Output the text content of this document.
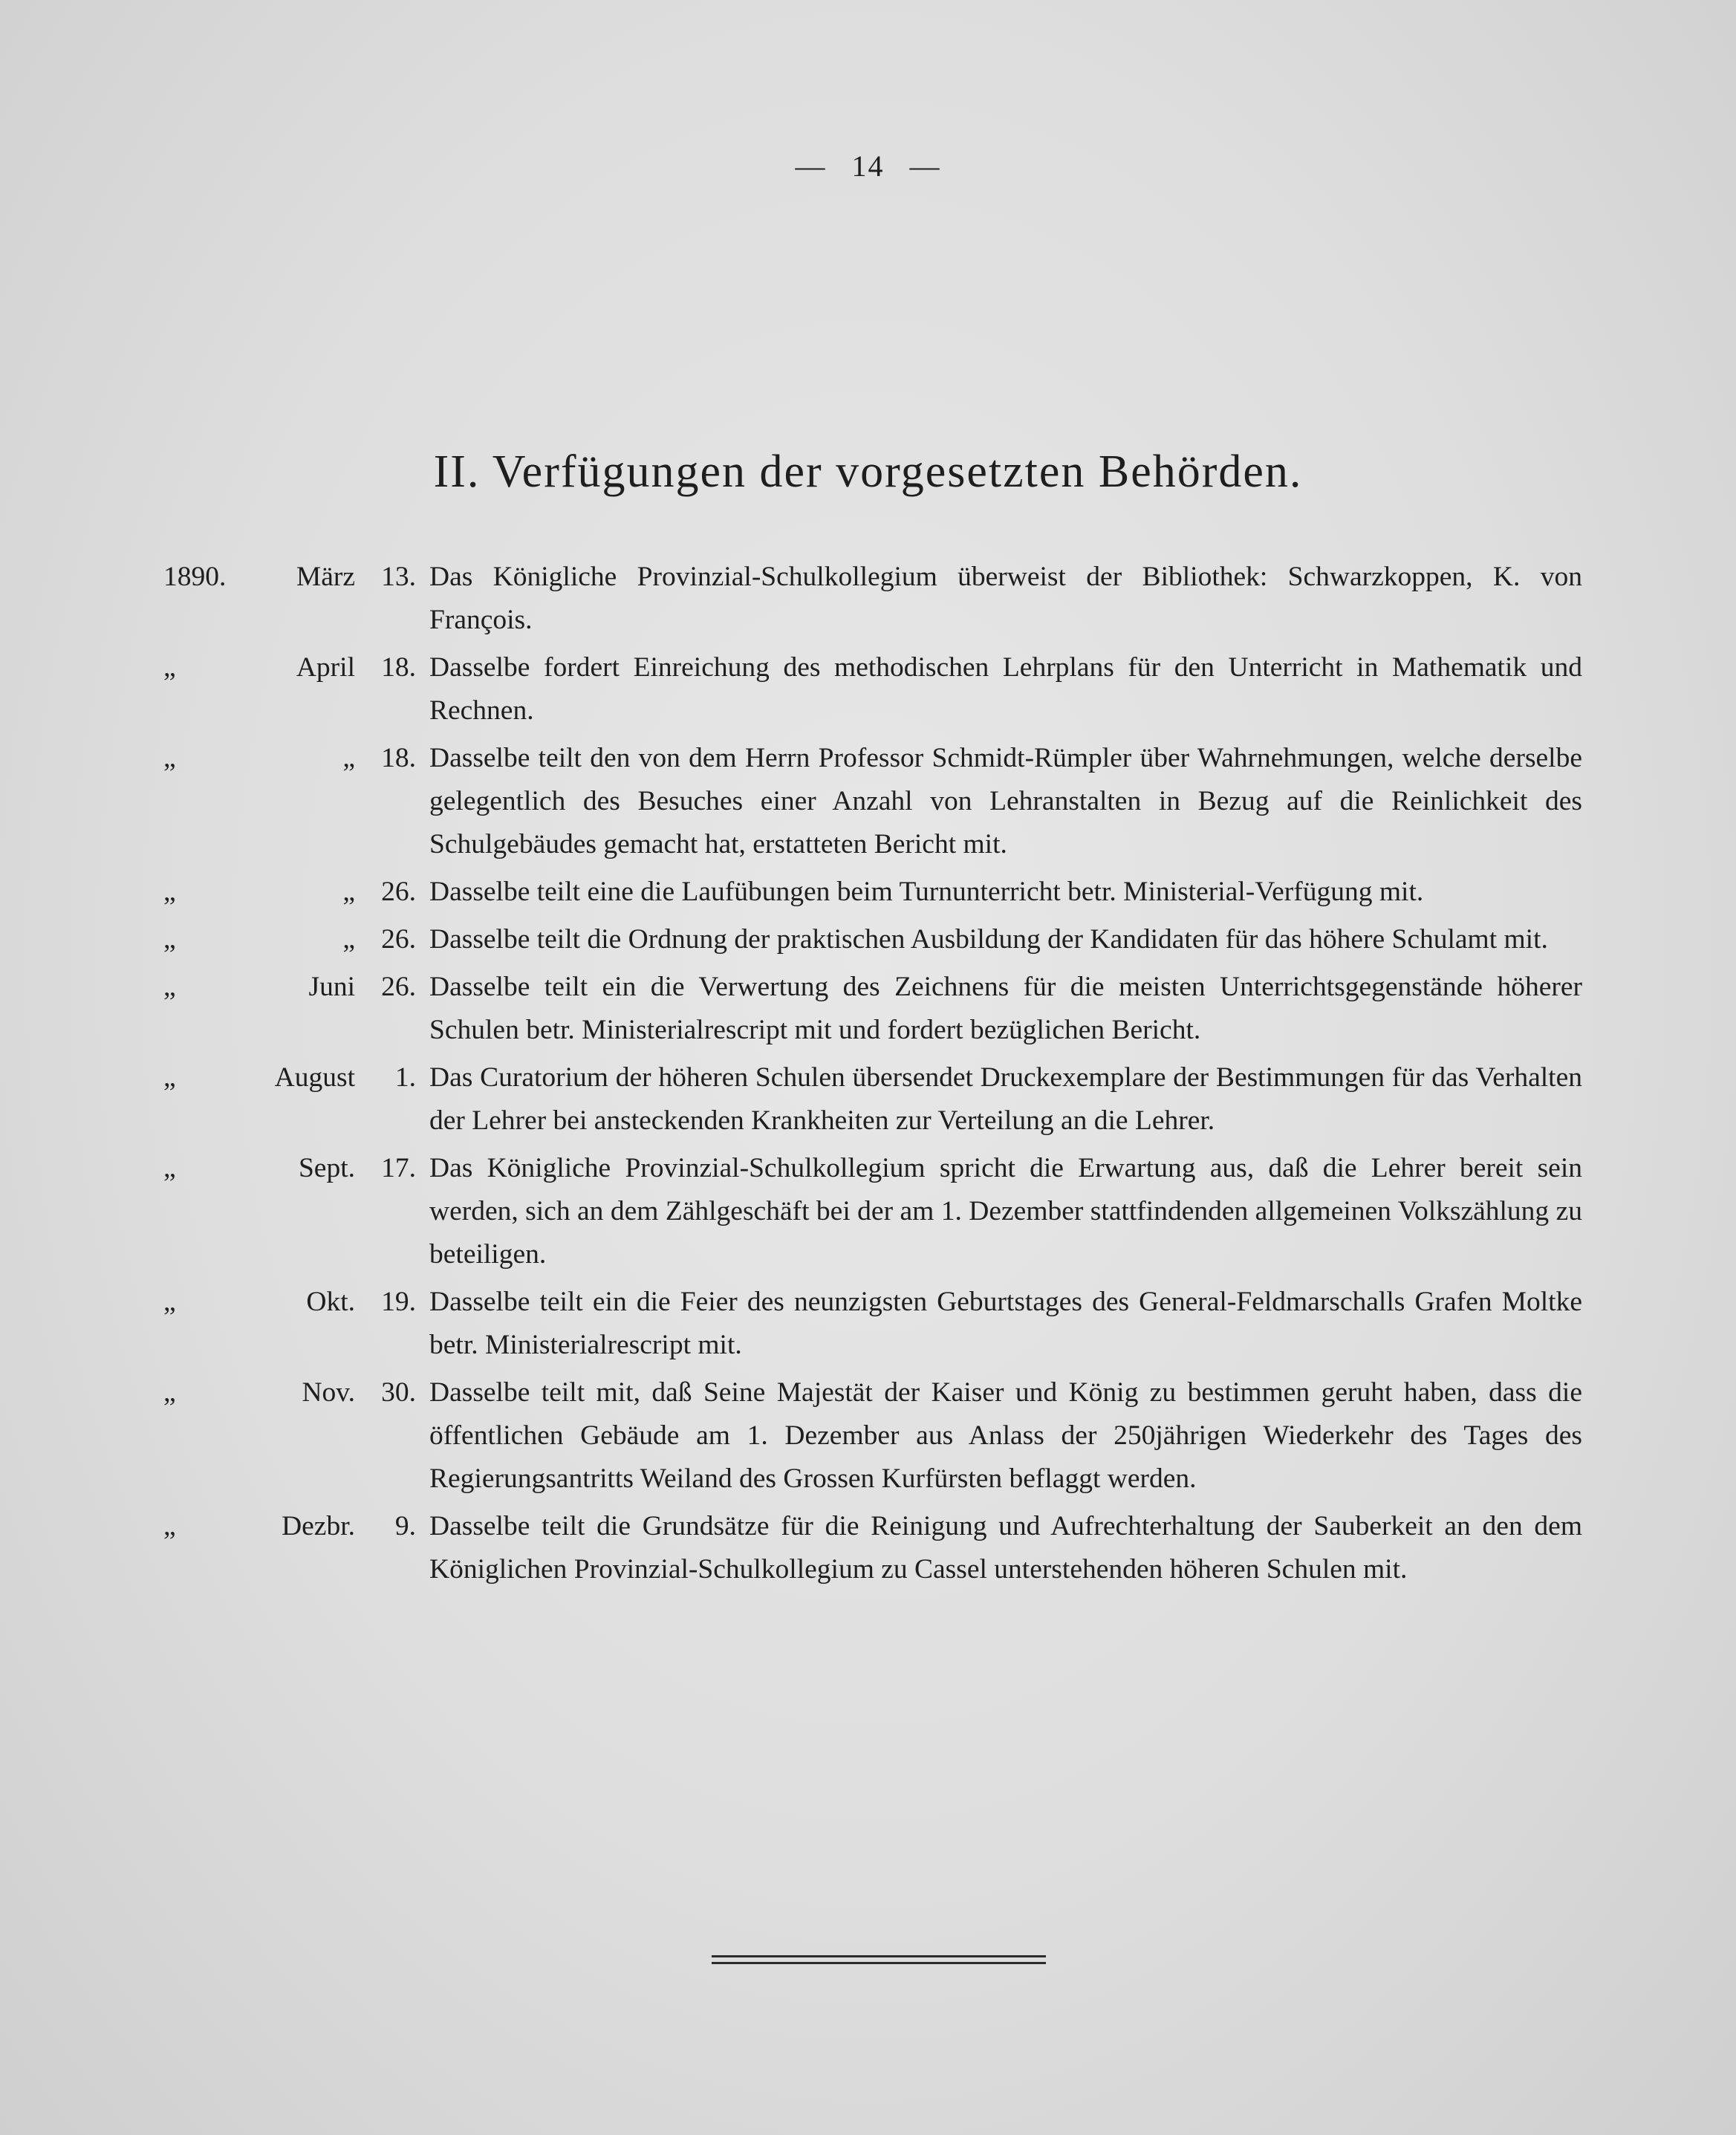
— 14 —
II. Verfügungen der vorgesetzten Behörden.
1890.	März 13. Das Königliche Provinzial-Schulkollegium überweist der Bibliothek: Schwarzkoppen, K. von François.
„	April 18. Dasselbe fordert Einreichung des methodischen Lehrplans für den Unterricht in Mathematik und Rechnen.
„	„ 18. Dasselbe teilt den von dem Herrn Professor Schmidt-Rümpler über Wahrnehmungen, welche derselbe gelegentlich des Besuches einer Anzahl von Lehranstalten in Bezug auf die Reinlichkeit des Schulgebäudes gemacht hat, erstatteten Bericht mit.
„	„ 26. Dasselbe teilt eine die Laufübungen beim Turnunterricht betr. Ministerial-Verfügung mit.
„	„ 26. Dasselbe teilt die Ordnung der praktischen Ausbildung der Kandidaten für das höhere Schulamt mit.
„	Juni 26. Dasselbe teilt ein die Verwertung des Zeichnens für die meisten Unterrichtsgegenstände höherer Schulen betr. Ministerialrescript mit und fordert bezüglichen Bericht.
„	August	1. Das Curatorium der höheren Schulen übersendet Druckexemplare der Bestimmungen für das Verhalten der Lehrer bei ansteckenden Krankheiten zur Verteilung an die Lehrer.
„	Sept. 17. Das Königliche Provinzial-Schulkollegium spricht die Erwartung aus, daß die Lehrer bereit sein werden, sich an dem Zählgeschäft bei der am 1. Dezember stattfindenden allgemeinen Volkszählung zu beteiligen.
„	Okt. 19. Dasselbe teilt ein die Feier des neunzigsten Geburtstages des General-Feldmarschalls Grafen Moltke betr. Ministerialrescript mit.
„	Nov. 30. Dasselbe teilt mit, daß Seine Majestät der Kaiser und König zu bestimmen geruht haben, dass die öffentlichen Gebäude am 1. Dezember aus Anlass der 250jährigen Wiederkehr des Tages des Regierungsantritts Weiland des Grossen Kurfürsten beflaggt werden.
„	Dezbr.	9. Dasselbe teilt die Grundsätze für die Reinigung und Aufrechterhaltung der Sauberkeit an den dem Königlichen Provinzial-Schulkollegium zu Cassel unterstehenden höheren Schulen mit.
